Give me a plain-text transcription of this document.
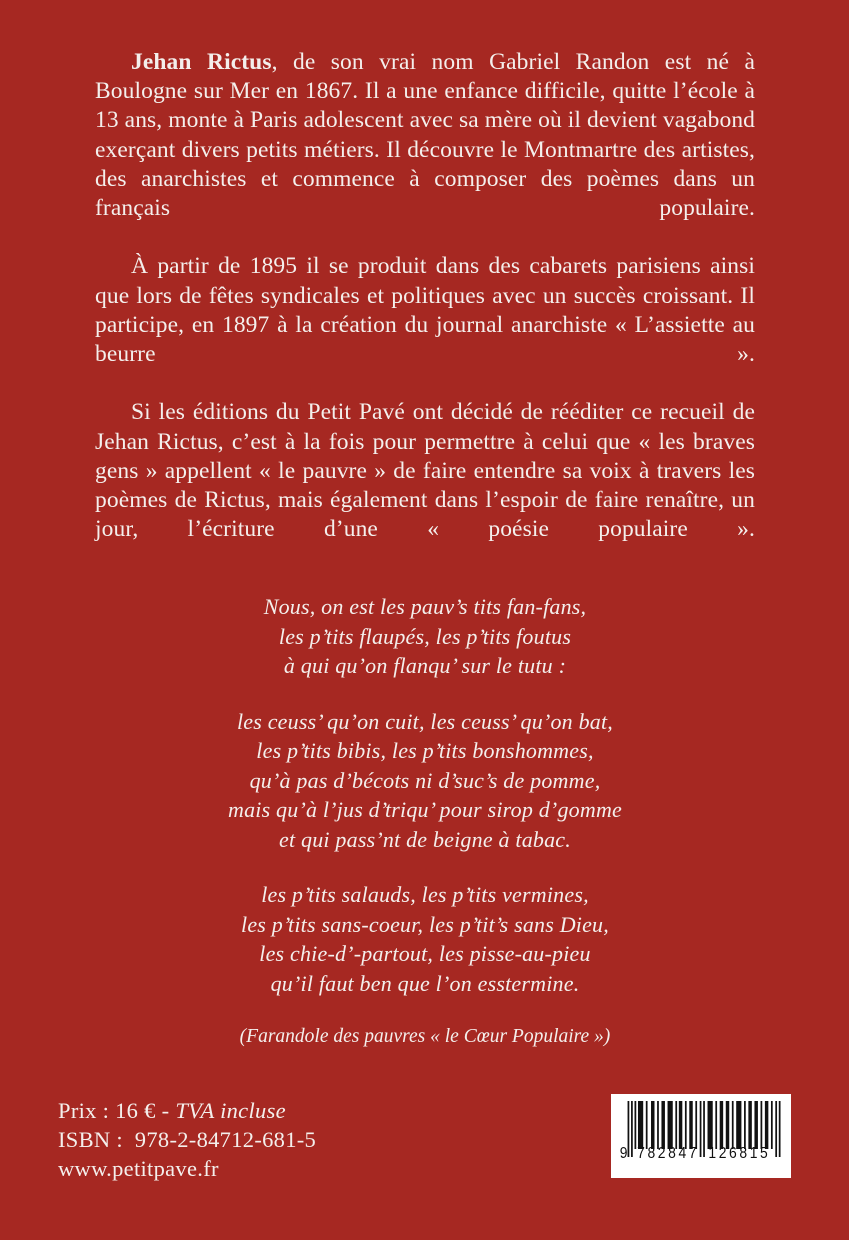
Jehan Rictus, de son vrai nom Gabriel Randon est né à Boulogne sur Mer en 1867. Il a une enfance difficile, quitte l’école à 13 ans, monte à Paris adolescent avec sa mère où il devient vagabond exerçant divers petits métiers. Il découvre le Montmartre des artistes, des anarchistes et commence à composer des poèmes dans un français populaire.

À partir de 1895 il se produit dans des cabarets parisiens ainsi que lors de fêtes syndicales et politiques avec un succès croissant. Il participe, en 1897 à la création du journal anarchiste « L’assiette au beurre ».

Si les éditions du Petit Pavé ont décidé de rééditer ce recueil de Jehan Rictus, c’est à la fois pour permettre à celui que « les braves gens » appellent « le pauvre » de faire entendre sa voix à travers les poèmes de Rictus, mais également dans l’espoir de faire renaître, un jour, l’écriture d’une « poésie populaire ».

Nous, on est les pauv’s tits fan-fans,
les p’tits flaupés, les p’tits foutus
à qui qu’on flanqu’ sur le tutu :
les ceuss’ qu’on cuit, les ceuss’ qu’on bat,
les p’tits bibis, les p’tits bonshommes,
qu’à pas d’bécots ni d’suc’s de pomme,
mais qu’à l’jus d’triqu’ pour sirop d’gomme
et qui pass’nt de beigne à tabac.
les p’tits salauds, les p’tits vermines,
les p’tits sans-coeur, les p’tit’s sans Dieu,
les chie-d’-partout, les pisse-au-pieu
qu’il faut ben que l’on esstermine.
(Farandole des pauvres « le Cœur Populaire »)
Prix : 16 € - TVA incluse
ISBN :  978-2-84712-681-5
www.petitpave.fr
9 782847 126815
